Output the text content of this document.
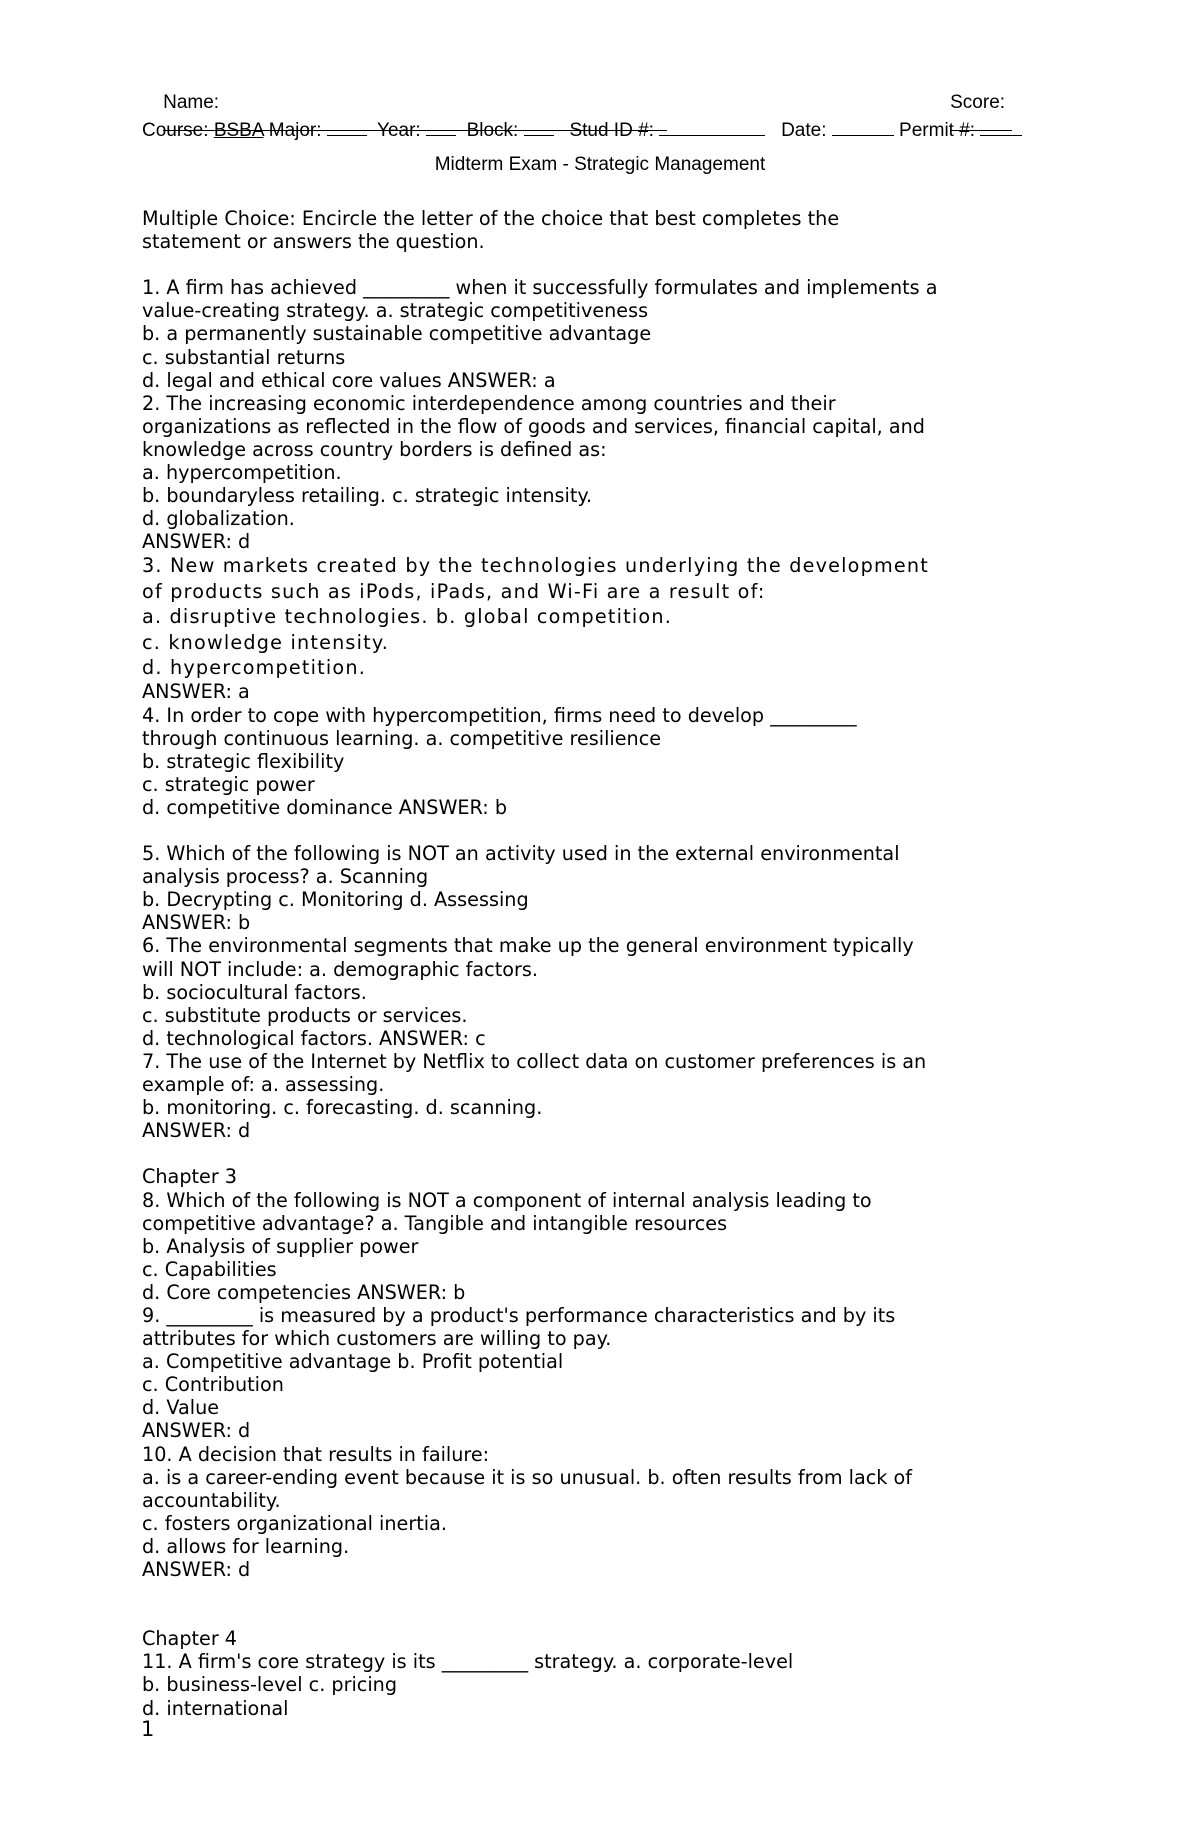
Name:

	Score:

Course: BSBA Major:	Year: Block:	Stud ID #:	Date:	Permit #:
Midterm Exam - Strategic Management
Multiple Choice: Encircle the letter of the choice that best completes the
statement or answers the question.
1. A firm has achieved _________ when it successfully formulates and implements a
value-creating strategy. a. strategic competitiveness
b. a permanently sustainable competitive advantage
c. substantial returns
d. legal and ethical core values ANSWER: a
2. The increasing economic interdependence among countries and their
organizations as reflected in the flow of goods and services, financial capital, and
knowledge across country borders is defined as:
a. hypercompetition.
b. boundaryless retailing. c. strategic intensity.
d. globalization.
ANSWER: d
3. New markets created by the technologies underlying the development
of products such as iPods, iPads, and Wi-Fi are a result of:
a. disruptive technologies. b. global competition.
c. knowledge intensity.
d. hypercompetition.
ANSWER: a
4. In order to cope with hypercompetition, firms need to develop _________
through continuous learning. a. competitive resilience
b. strategic flexibility
c. strategic power
d. competitive dominance ANSWER: b
5. Which of the following is NOT an activity used in the external environmental
analysis process? a. Scanning
b. Decrypting c. Monitoring d. Assessing
ANSWER: b
6. The environmental segments that make up the general environment typically
will NOT include: a. demographic factors.
b. sociocultural factors.
c. substitute products or services.
d. technological factors. ANSWER: c
7. The use of the Internet by Netflix to collect data on customer preferences is an
example of: a. assessing.
b. monitoring. c. forecasting. d. scanning.
ANSWER: d
Chapter 3
8. Which of the following is NOT a component of internal analysis leading to
competitive advantage? a. Tangible and intangible resources
b. Analysis of supplier power
c. Capabilities
d. Core competencies ANSWER: b
9. _________ is measured by a product's performance characteristics and by its
attributes for which customers are willing to pay.
a. Competitive advantage b. Profit potential
c. Contribution
d. Value
ANSWER: d
10. A decision that results in failure:
a. is a career-ending event because it is so unusual. b. often results from lack of
accountability.
c. fosters organizational inertia.
d. allows for learning.
ANSWER: d
Chapter 4
11. A firm's core strategy is its _________ strategy. a. corporate-level
b. business-level c. pricing
d. international
1
